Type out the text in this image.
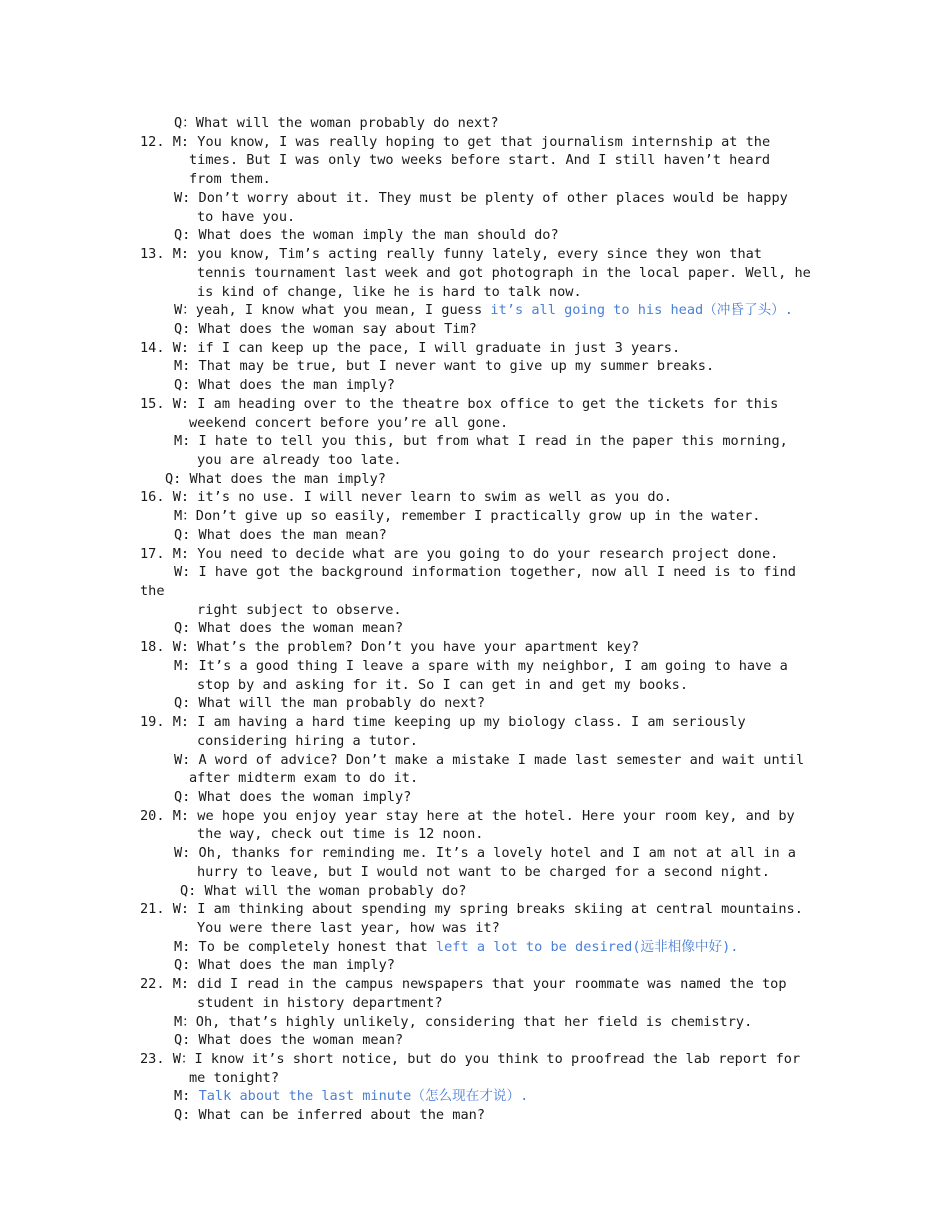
Q：What will the woman probably do next?
12. M: You know, I was really hoping to get that journalism internship at the
times. But I was only two weeks before start. And I still haven’t heard
from them.
W: Don’t worry about it. They must be plenty of other places would be happy
to have you.
Q: What does the woman imply the man should do?
13. M: you know, Tim’s acting really funny lately, every since they won that
tennis tournament last week and got photograph in the local paper. Well, he
is kind of change, like he is hard to talk now.
W：yeah, I know what you mean, I guess it’s all going to his head（冲昏了头）.
Q: What does the woman say about Tim?
14. W: if I can keep up the pace, I will graduate in just 3 years.
M: That may be true, but I never want to give up my summer breaks.
Q: What does the man imply?
15. W: I am heading over to the theatre box office to get the tickets for this
weekend concert before you’re all gone.
M: I hate to tell you this, but from what I read in the paper this morning,
you are already too late.
Q: What does the man imply?
16. W: it’s no use. I will never learn to swim as well as you do.
M：Don’t give up so easily, remember I practically grow up in the water.
Q: What does the man mean?
17. M: You need to decide what are you going to do your research project done.
W: I have got the background information together, now all I need is to find
the
right subject to observe.
Q: What does the woman mean?
18. W: What’s the problem? Don’t you have your apartment key?
M: It’s a good thing I leave a spare with my neighbor, I am going to have a
stop by and asking for it. So I can get in and get my books.
Q: What will the man probably do next?
19. M: I am having a hard time keeping up my biology class. I am seriously
considering hiring a tutor.
W: A word of advice? Don’t make a mistake I made last semester and wait until
after midterm exam to do it.
Q: What does the woman imply?
20. M: we hope you enjoy year stay here at the hotel. Here your room key, and by
the way, check out time is 12 noon.
W: Oh, thanks for reminding me. It’s a lovely hotel and I am not at all in a
hurry to leave, but I would not want to be charged for a second night.
Q: What will the woman probably do?
21. W: I am thinking about spending my spring breaks skiing at central mountains.
You were there last year, how was it?
M: To be completely honest that left a lot to be desired(远非相像中好).
Q: What does the man imply?
22. M: did I read in the campus newspapers that your roommate was named the top
student in history department?
M：Oh, that’s highly unlikely, considering that her field is chemistry.
Q: What does the woman mean?
23. W：I know it’s short notice, but do you think to proofread the lab report for
me tonight?
M: Talk about the last minute（怎么现在才说）.
Q: What can be inferred about the man?
